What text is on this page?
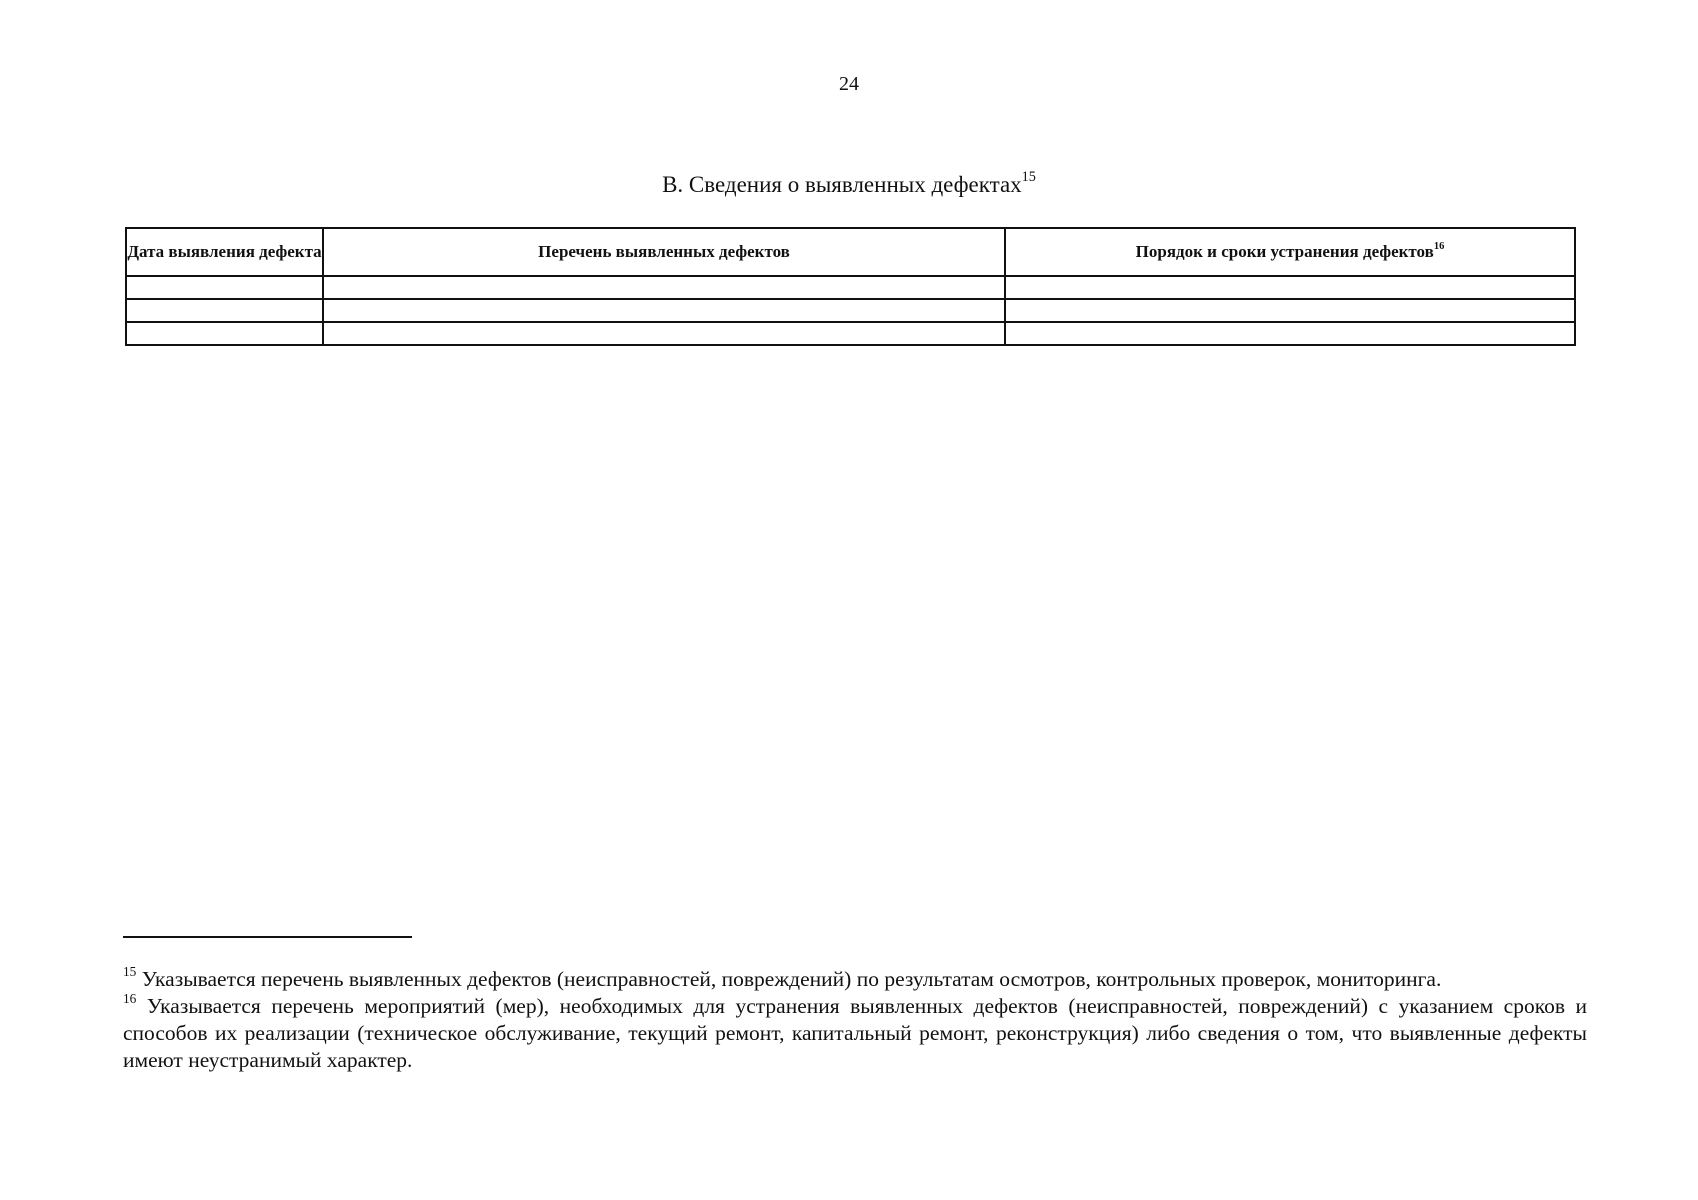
24
В. Сведения о выявленных дефектах$^{15}$
Дата выявления дефекта	Перечень выявленных дефектов	Порядок и сроки устранения дефектов$^{16}$

$^{15}$ Указывается перечень выявленных дефектов (неисправностей, повреждений) по результатам осмотров, контрольных проверок, мониторинга.

$^{16}$ Указывается перечень мероприятий (мер), необходимых для устранения выявленных дефектов (неисправностей, повреждений) с указанием сроков и способов их реализации (техническое обслуживание, текущий ремонт, капитальный ремонт, реконструкция) либо сведения о том, что выявленные дефекты имеют неустранимый характер.
